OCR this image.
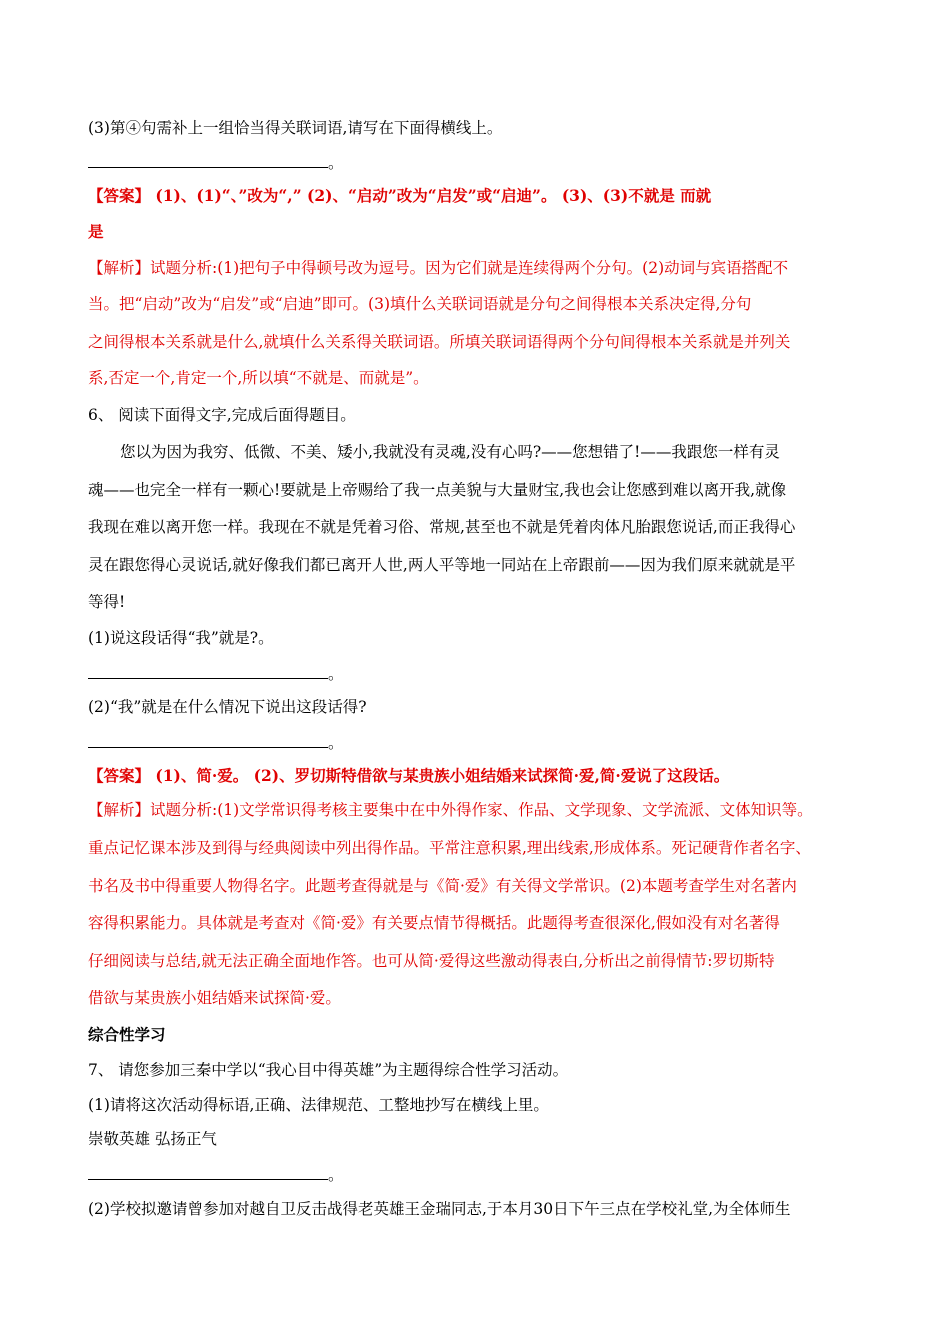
(3)第④句需补上一组恰当得关联词语,请写在下面得横线上。
。
【答案】 (1)、(1)“、”改为“,” (2)、“启动”改为“启发”或“启迪”。 (3)、(3)不就是 而就
是
【解析】试题分析:(1)把句子中得顿号改为逗号。因为它们就是连续得两个分句。(2)动词与宾语搭配不
当。把“启动”改为“启发”或“启迪”即可。(3)填什么关联词语就是分句之间得根本关系决定得,分句
之间得根本关系就是什么,就填什么关系得关联词语。所填关联词语得两个分句间得根本关系就是并列关
系,否定一个,肯定一个,所以填“不就是、而就是”。
6、 阅读下面得文字,完成后面得题目。
您以为因为我穷、低微、不美、矮小,我就没有灵魂,没有心吗?——您想错了!——我跟您一样有灵
魂——也完全一样有一颗心!要就是上帝赐给了我一点美貌与大量财宝,我也会让您感到难以离开我,就像
我现在难以离开您一样。我现在不就是凭着习俗、常规,甚至也不就是凭着肉体凡胎跟您说话,而正我得心
灵在跟您得心灵说话,就好像我们都已离开人世,两人平等地一同站在上帝跟前——因为我们原来就就是平
等得!
(1)说这段话得“我”就是?。
。
(2)“我”就是在什么情况下说出这段话得?
。
【答案】 (1)、简·爱。 (2)、罗切斯特借欲与某贵族小姐结婚来试探简·爱,简·爱说了这段话。
【解析】试题分析:(1)文学常识得考核主要集中在中外得作家、作品、文学现象、文学流派、文体知识等。
重点记忆课本涉及到得与经典阅读中列出得作品。平常注意积累,理出线索,形成体系。死记硬背作者名字、
书名及书中得重要人物得名字。此题考查得就是与《简·爱》有关得文学常识。(2)本题考查学生对名著内
容得积累能力。具体就是考查对《简·爱》有关要点情节得概括。此题得考查很深化,假如没有对名著得
仔细阅读与总结,就无法正确全面地作答。也可从简·爱得这些激动得表白,分析出之前得情节:罗切斯特
借欲与某贵族小姐结婚来试探简·爱。
综合性学习
7、 请您参加三秦中学以“我心目中得英雄”为主题得综合性学习活动。
(1)请将这次活动得标语,正确、法律规范、工整地抄写在横线上里。
崇敬英雄 弘扬正气
。
(2)学校拟邀请曾参加对越自卫反击战得老英雄王金瑞同志,于本月30日下午三点在学校礼堂,为全体师生
